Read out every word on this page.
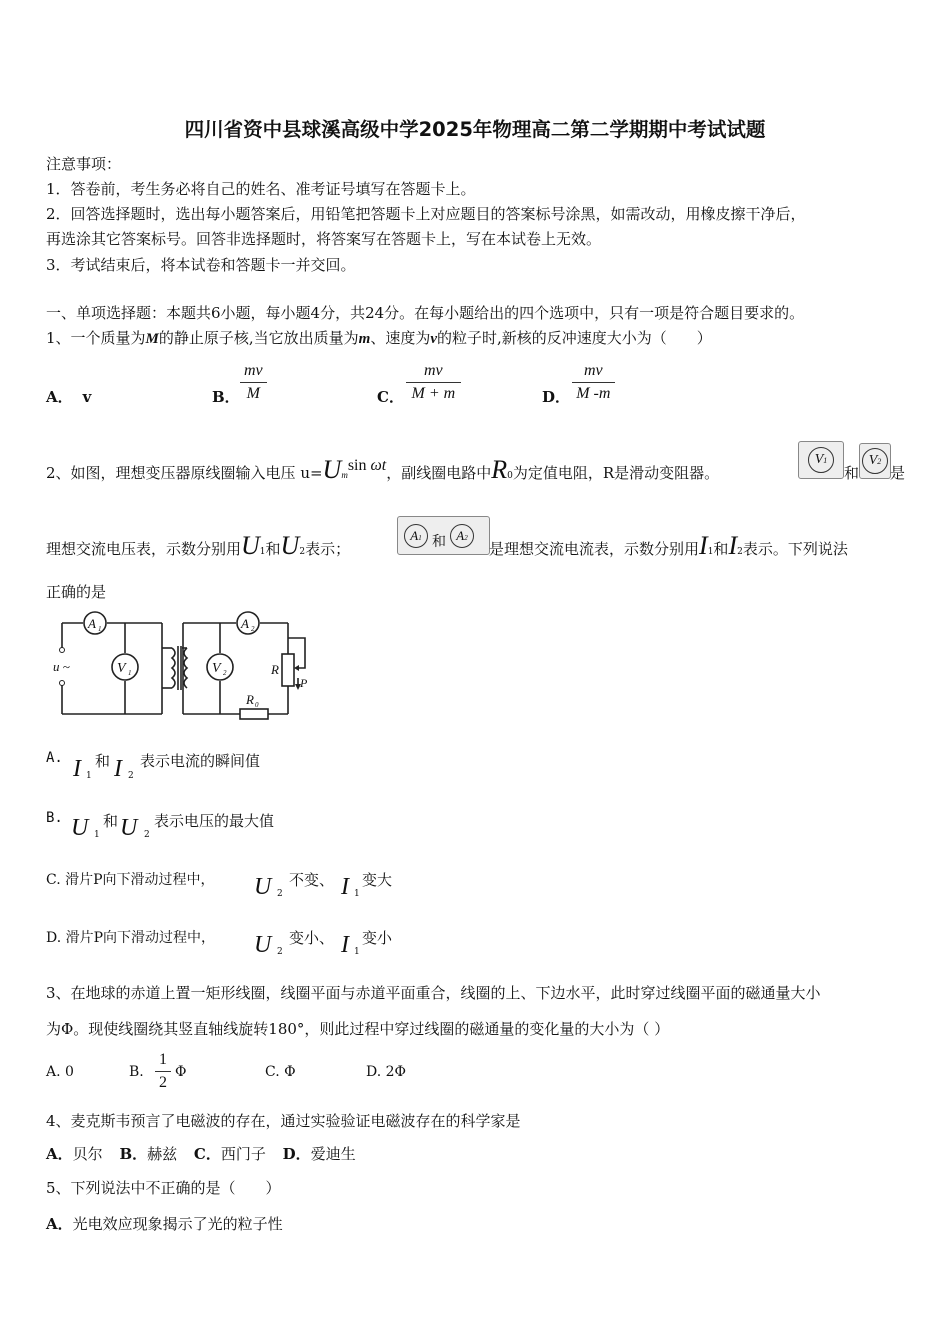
四川省资中县球溪高级中学2025年物理高二第二学期期中考试试题
注意事项：
1．答卷前，考生务必将自己的姓名、准考证号填写在答题卡上。
2．回答选择题时，选出每小题答案后，用铅笔把答题卡上对应题目的答案标号涂黑，如需改动，用橡皮擦干净后，
再选涂其它答案标号。回答非选择题时，将答案写在答题卡上，写在本试卷上无效。
3．考试结束后，将本试卷和答题卡一并交回。
一、单项选择题：本题共6小题，每小题4分，共24分。在每小题给出的四个选项中，只有一项是符合题目要求的。
1、一个质量为M的静止原子核,当它放出质量为m、速度为v的粒子时,新核的反冲速度大小为（　　）
A． v	B． $\frac{mv}{M}$	C． $\frac{mv}{M + m}$	D． $\frac{mv}{M -m}$
2、如图，理想变压器原线圈输入电压 u=Umsin ωt，副线圈电路中R0为定值电阻，R是滑动变阻器。
V1
和
V2
是
理想交流电压表，示数分别用U1和U2表示；
A1 和 A2
是理想交流电流表，示数分别用I1和I2表示。下列说法
正确的是
u ~
A 1
V 1
A 2
V 2	R
P
R 0
A. I 1
和 I 2
表示电流的瞬间值
B. U 1
和 U 2
表示电压的最大值
C. 滑片P向下滑动过程中， U 2
不变、 I 1
变大
D. 滑片P向下滑动过程中， U 2
变小、 I 1
变小
3、在地球的赤道上置一矩形线圈，线圈平面与赤道平面重合，线圈的上、下边水平，此时穿过线圈平面的磁通量大小
为Φ。现使线圈绕其竖直轴线旋转180°，则此过程中穿过线圈的磁通量的变化量的大小为（ ）
A. 0	B. $\frac{1}{2}$ Φ	C. Φ	D. 2Φ
4、麦克斯韦预言了电磁波的存在，通过实验验证电磁波存在的科学家是
A．贝尔 B．赫兹 C．西门子 D．爱迪生
5、下列说法中不正确的是（　　）
A．光电效应现象揭示了光的粒子性
